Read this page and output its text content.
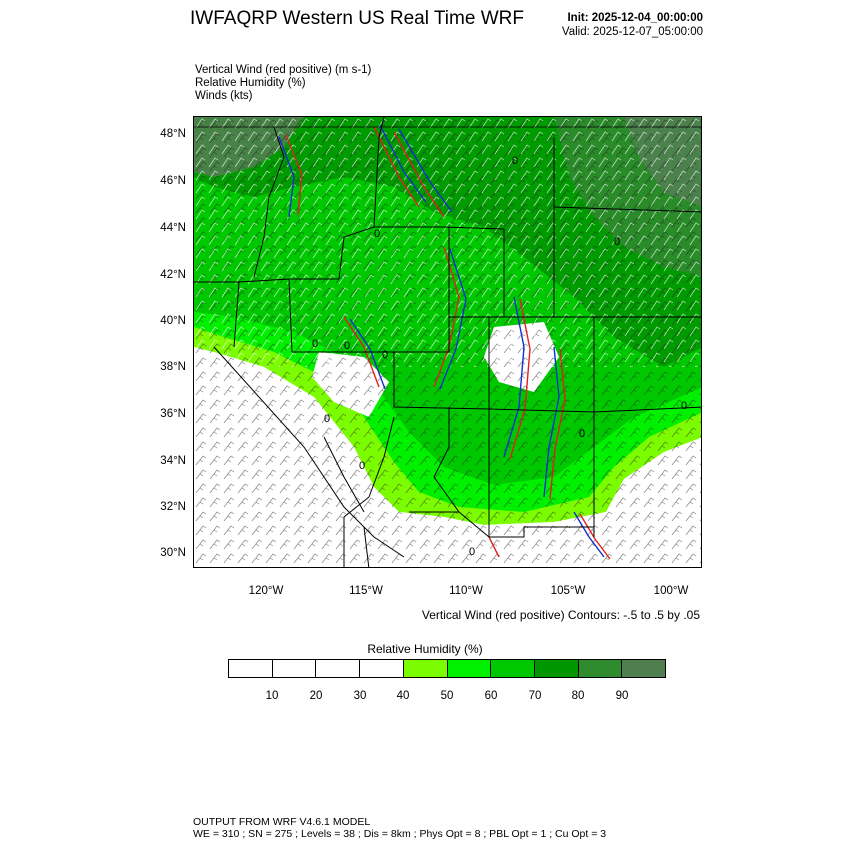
IWFAQRP Western US Real Time WRF	Init: 2025-12-04_00:00:00
Valid: 2025-12-07_05:00:00
Vertical Wind (red positive) (m s-1)
Relative Humidity (%)
Winds (kts)
48°N
46°N
44°N
42°N
40°N
38°N
36°N
34°N
32°N
30°N
0
0
0
0
0
0
0
0
0
0
0
120°W	115°W	110°W	105°W	100°W
Vertical Wind (red positive) Contours: -.5 to .5 by .05
Relative Humidity (%)
10	20	30	40	50	60	70	80	90
OUTPUT FROM WRF V4.6.1 MODEL
WE = 310 ; SN = 275 ; Levels = 38 ; Dis = 8km ; Phys Opt = 8 ; PBL Opt = 1 ; Cu Opt = 3
